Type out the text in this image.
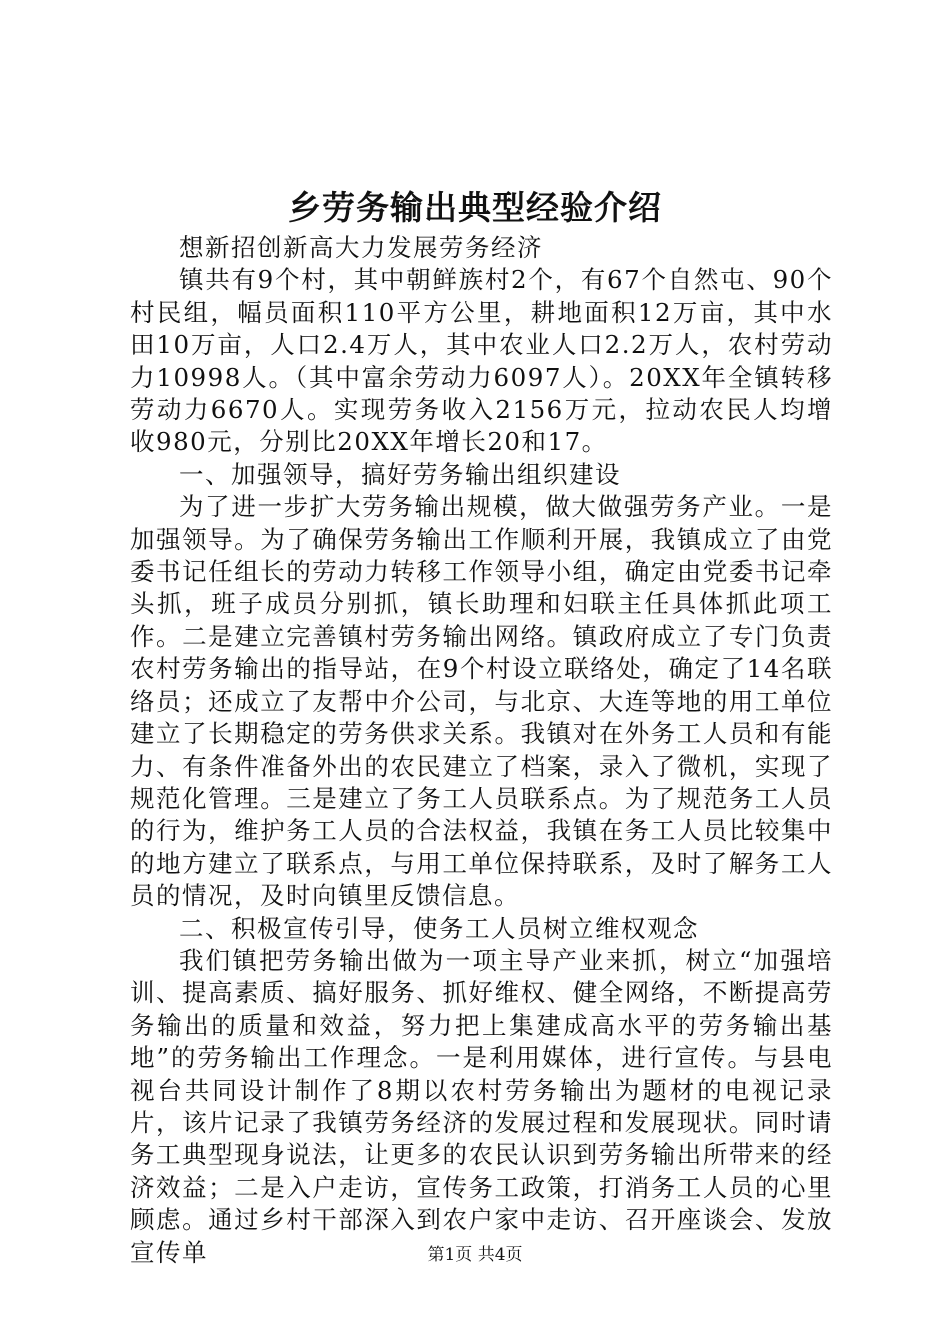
乡劳务输出典型经验介绍

想新招创新高大力发展劳务经济

镇共有9个村，其中朝鲜族村2个，有67个自然屯、90个村民组，幅员面积110平方公里，耕地面积12万亩，其中水田10万亩，人口2.4万人，其中农业人口2.2万人，农村劳动力10998人。（其中富余劳动力6097人）。20XX年全镇转移劳动力6670人。实现劳务收入2156万元，拉动农民人均增收980元，分别比20XX年增长20和17。

一、加强领导，搞好劳务输出组织建设

为了进一步扩大劳务输出规模，做大做强劳务产业。一是加强领导。为了确保劳务输出工作顺利开展，我镇成立了由党委书记任组长的劳动力转移工作领导小组，确定由党委书记牵头抓，班子成员分别抓，镇长助理和妇联主任具体抓此项工作。二是建立完善镇村劳务输出网络。镇政府成立了专门负责农村劳务输出的指导站，在9个村设立联络处，确定了14名联络员；还成立了友帮中介公司，与北京、大连等地的用工单位建立了长期稳定的劳务供求关系。我镇对在外务工人员和有能力、有条件准备外出的农民建立了档案，录入了微机，实现了规范化管理。三是建立了务工人员联系点。为了规范务工人员的行为，维护务工人员的合法权益，我镇在务工人员比较集中的地方建立了联系点，与用工单位保持联系，及时了解务工人员的情况，及时向镇里反馈信息。

二、积极宣传引导，使务工人员树立维权观念

我们镇把劳务输出做为一项主导产业来抓，树立“加强培训、提高素质、搞好服务、抓好维权、健全网络，不断提高劳务输出的质量和效益，努力把上集建成高水平的劳务输出基地”的劳务输出工作理念。一是利用媒体，进行宣传。与县电视台共同设计制作了8期以农村劳务输出为题材的电视记录片，该片记录了我镇劳务经济的发展过程和发展现状。同时请务工典型现身说法，让更多的农民认识到劳务输出所带来的经济效益；二是入户走访，宣传务工政策，打消务工人员的心里顾虑。通过乡村干部深入到农户家中走访、召开座谈会、发放宣传单	第1页 共4页
